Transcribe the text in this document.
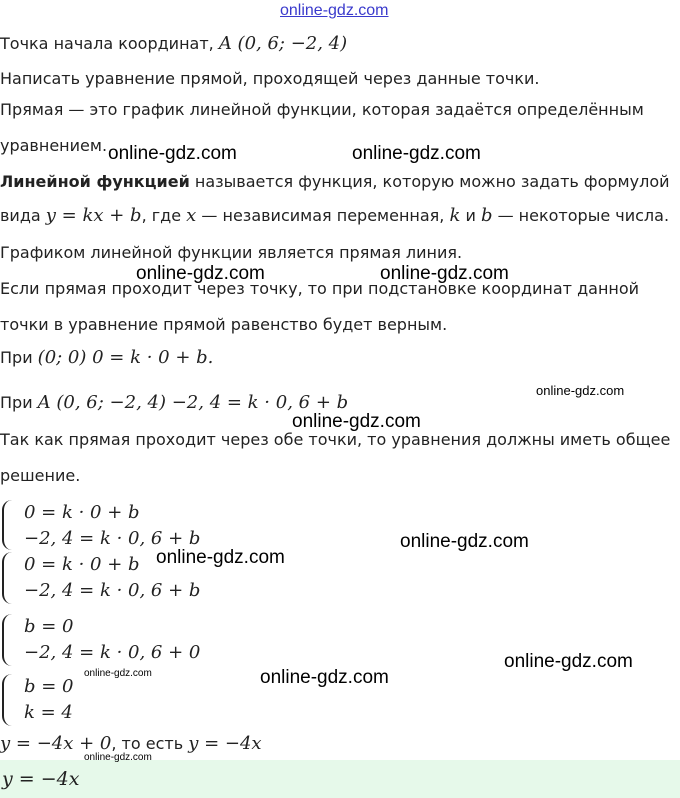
online-gdz.com
Точка начала координат, A (0, 6; −2, 4)
Написать уравнение прямой, проходящей через данные точки.
Прямая — это график линейной функции, которая задаётся определённым
уравнением.
Линейной функцией называется функция, которую можно задать формулой
вида y = kx + b, где x — независимая переменная, k и b — некоторые числа.
Графиком линейной функции является прямая линия.
Если прямая проходит через точку, то при подстановке координат данной
точки в уравнение прямой равенство будет верным.
При (0; 0) 0 = k · 0 + b.
При A (0, 6; −2, 4) −2, 4 = k · 0, 6 + b
Так как прямая проходит через обе точки, то уравнения должны иметь общее
решение.
0 = k · 0 + b
−2, 4 = k · 0, 6 + b
0 = k · 0 + b
−2, 4 = k · 0, 6 + b
b = 0
−2, 4 = k · 0, 6 + 0
b = 0
k = 4
y = −4x + 0, то есть y = −4x
y = −4x
online-gdz.com	online-gdz.com
online-gdz.com	online-gdz.com
online-gdz.com
online-gdz.com
online-gdz.com
online-gdz.com
online-gdz.com
online-gdz.com	online-gdz.com
online-gdz.com
